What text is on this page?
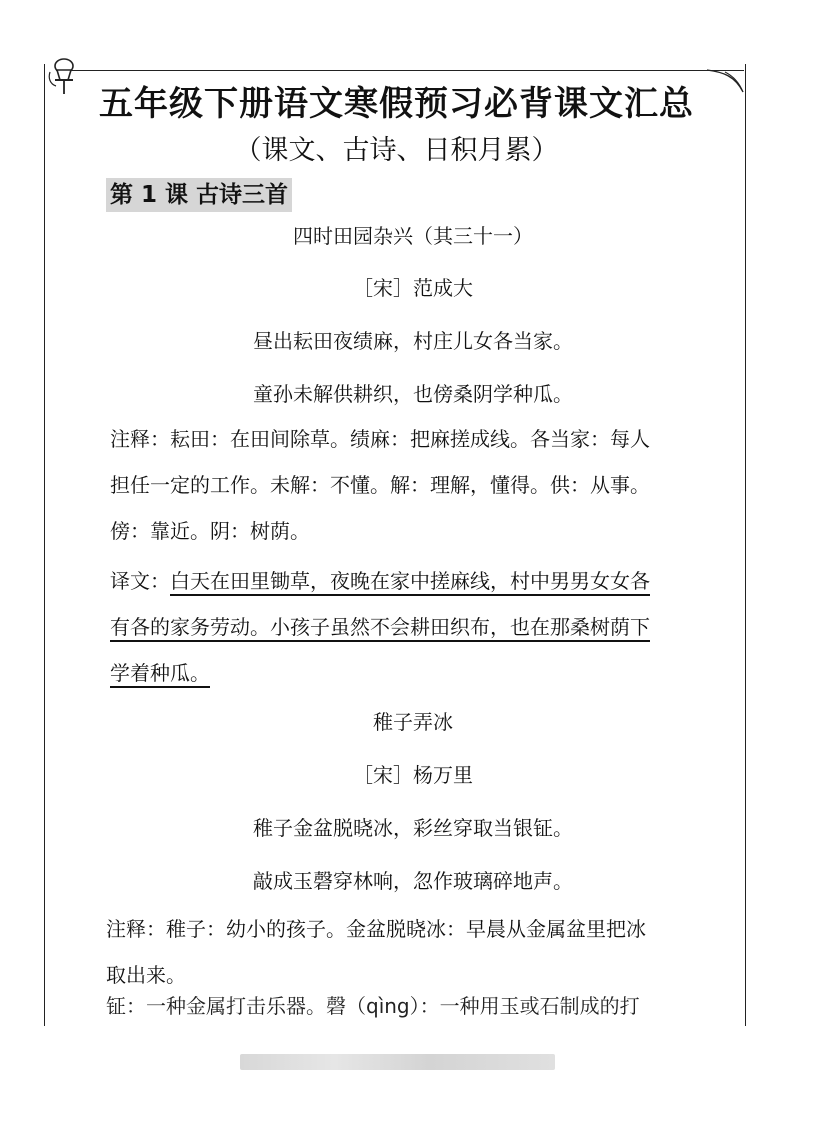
五年级下册语文寒假预习必背课文汇总
（课文、古诗、日积月累）
第 1 课 古诗三首
四时田园杂兴（其三十一）
［宋］范成大
昼出耘田夜绩麻，村庄儿女各当家。
童孙未解供耕织，也傍桑阴学种瓜。
注释：耘田：在田间除草。绩麻：把麻搓成线。各当家：每人
担任一定的工作。未解：不懂。解：理解，懂得。供：从事。
傍：靠近。阴：树荫。
译文：白天在田里锄草，夜晚在家中搓麻线，村中男男女女各
有各的家务劳动。小孩子虽然不会耕田织布，也在那桑树荫下
学着种瓜。
稚子弄冰
［宋］杨万里
稚子金盆脱晓冰，彩丝穿取当银钲。
敲成玉磬穿林响，忽作玻璃碎地声。
注释：稚子：幼小的孩子。金盆脱晓冰：早晨从金属盆里把冰
取出来。
钲：一种金属打击乐器。磬（qìng）：一种用玉或石制成的打
